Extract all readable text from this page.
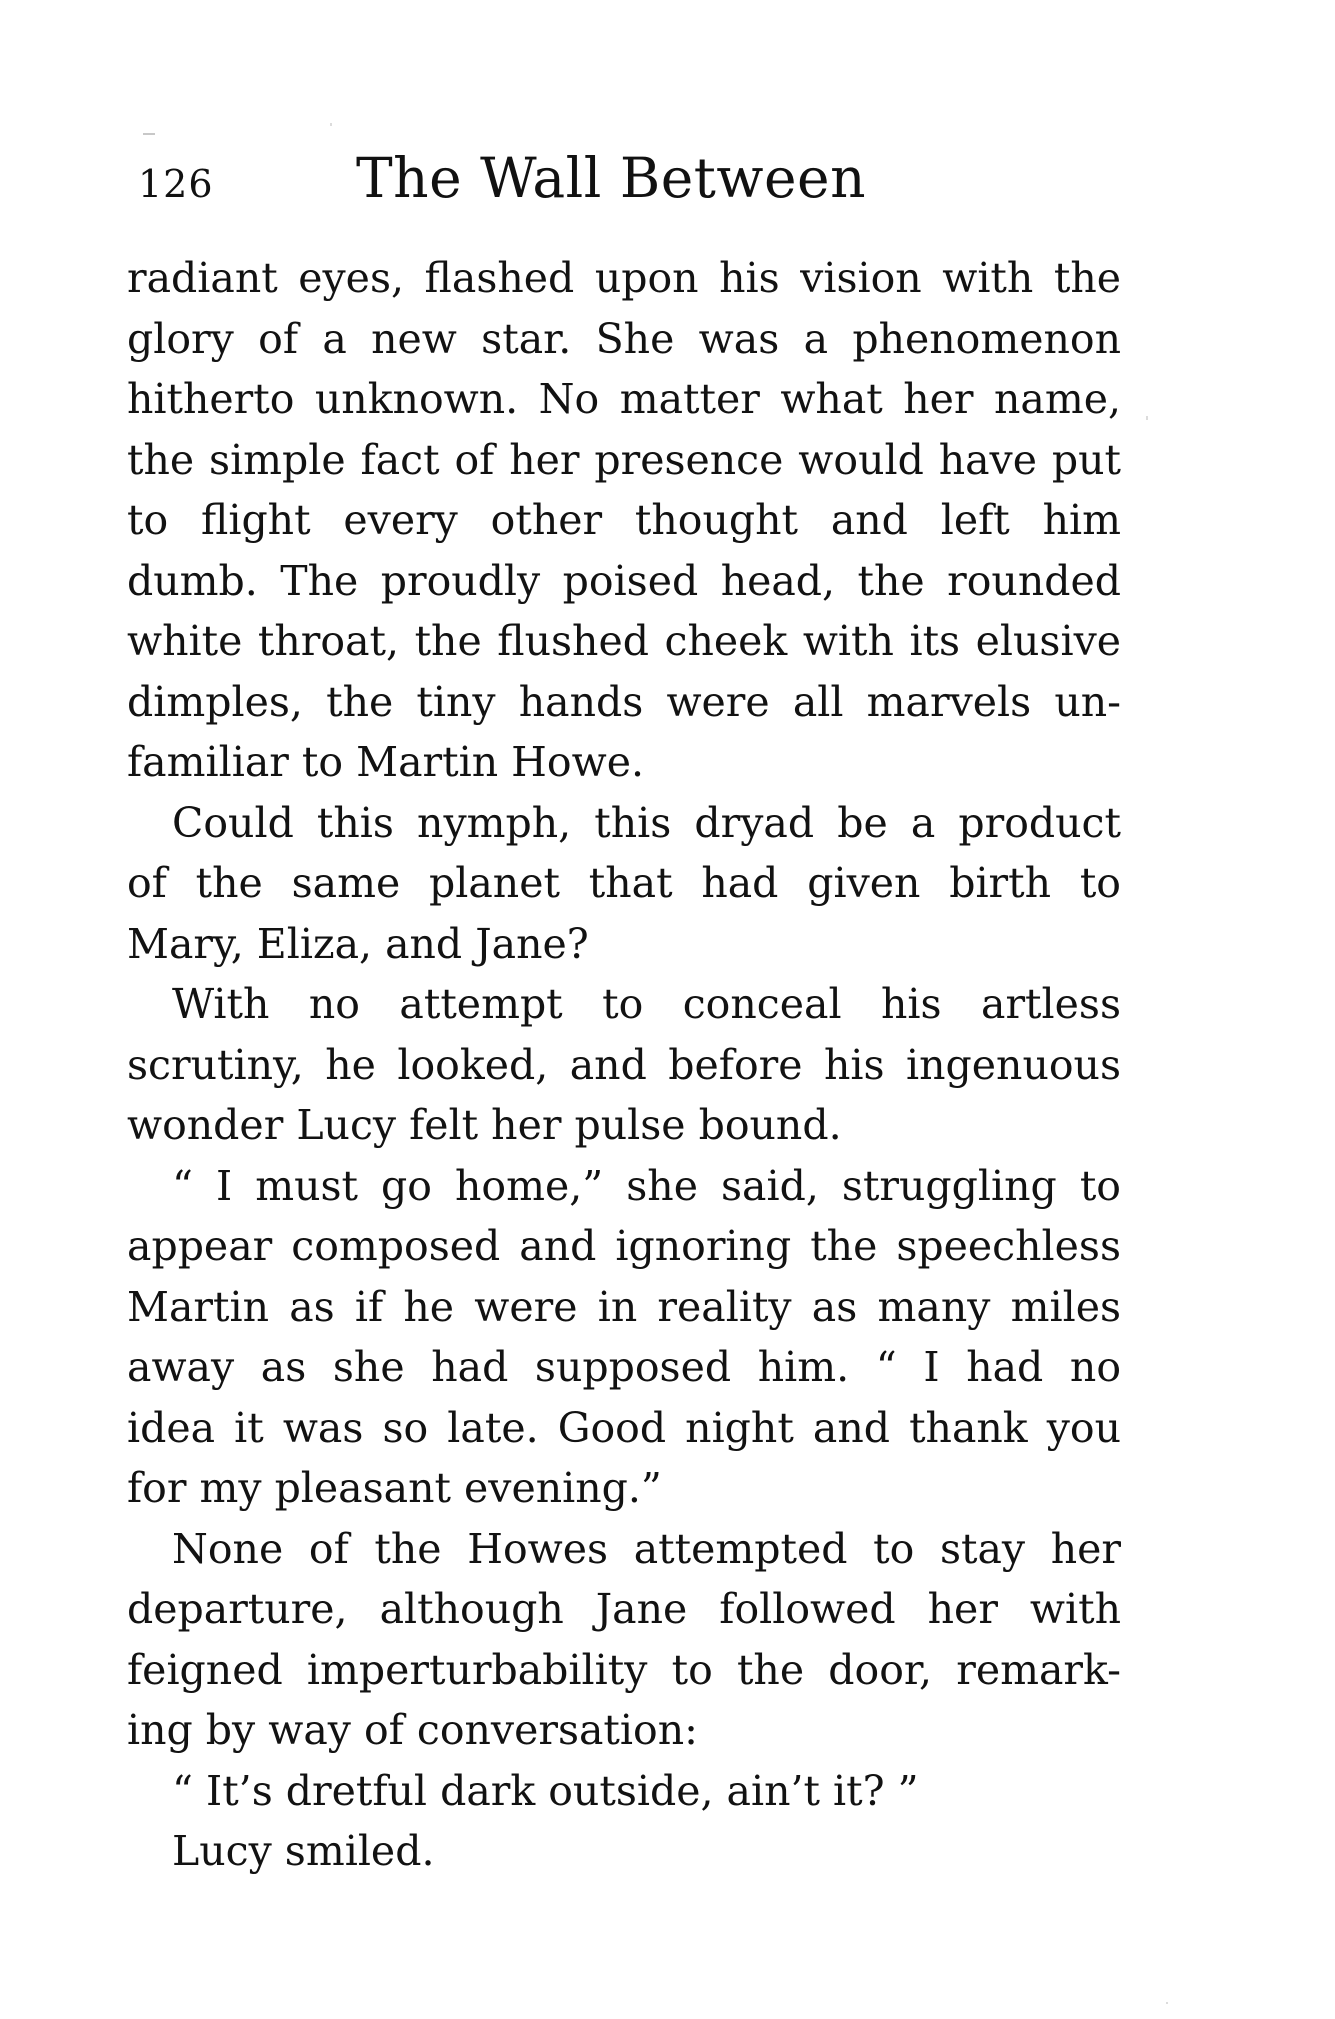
126	The Wall Between
radiant eyes, flashed upon his vision with the
glory of a new star. She was a phenomenon
hitherto unknown. No matter what her name,
the simple fact of her presence would have put
to flight every other thought and left him
dumb. The proudly poised head, the rounded
white throat, the flushed cheek with its elusive
dimples, the tiny hands were all marvels un-
familiar to Martin Howe.
Could this nymph, this dryad be a product
of the same planet that had given birth to
Mary, Eliza, and Jane?
With no attempt to conceal his artless
scrutiny, he looked, and before his ingenuous
wonder Lucy felt her pulse bound.
“ I must go home,” she said, struggling to
appear composed and ignoring the speechless
Martin as if he were in reality as many miles
away as she had supposed him. “ I had no
idea it was so late. Good night and thank you
for my pleasant evening.”
None of the Howes attempted to stay her
departure, although Jane followed her with
feigned imperturbability to the door, remark-
ing by way of conversation:
“ It’s dretful dark outside, ain’t it? ”
Lucy smiled.
